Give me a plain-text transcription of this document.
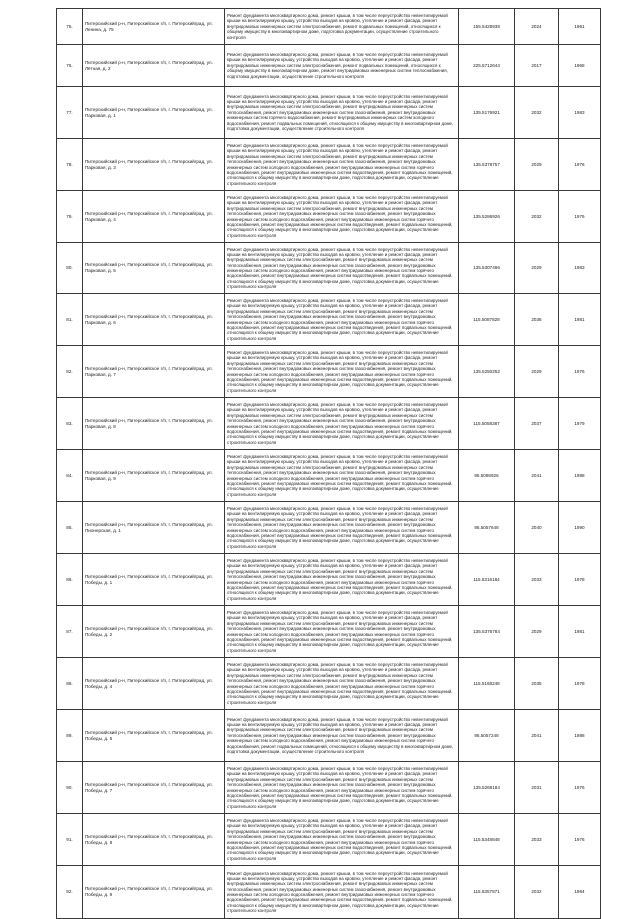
75.	Питерскийский р-н, Питерскийское г/п, г. Питерскийград, ул. Ленина, д. 75	Ремонт фундамента многоквартирного дома, ремонт крыши, в том числе переустройство невентилируемой крыши на вентилируемую крышу, устройство выходов на кровлю, утепление и ремонт фасада, ремонт внутридомовых инженерных систем электроснабжения, ремонт подвальных помещений, относящихся к общему имуществу в многоквартирном доме, подготовка документации, осуществление строительного контроля	155.5428938	2024	1961
76.	Питерскийский р-н, Питерскийское г/п, г. Питерскийград, ул. Лётная, д. 2	Ремонт фундамента многоквартирного дома, ремонт крыши, в том числе переустройство невентилируемой крыши на вентилируемую крышу, устройство выходов на кровлю, утепление и ремонт фасада, ремонт внутридомовых инженерных систем электроснабжения, ремонт подвальных помещений, относящихся к общему имуществу в многоквартирном доме, ремонт внутридомовых инженерных систем теплоснабжения, подготовка документации, осуществление строительного контроля	225.5712644	2017	1968
77.	Питерскийский р-н, Питерскийское г/п, г. Питерскийград, ул. Парковая, д. 1	Ремонт фундамента многоквартирного дома, ремонт крыши, в том числе переустройство невентилируемой крыши на вентилируемую крышу, устройство выходов на кровлю, утепление и ремонт фасада, ремонт внутридомовых инженерных систем электроснабжения, ремонт внутридомовых инженерных систем теплоснабжения, ремонт внутридомовых инженерных систем газоснабжения, ремонт внутридомовых инженерных систем горячего водоснабжения, ремонт внутридомовых инженерных систем холодного водоснабжения, ремонт подвальных помещений, относящихся к общему имуществу в многоквартирном доме, подготовка документации, осуществление строительного контроля	135.5176921	2032	1983
78.	Питерскийский р-н, Питерскийское г/п, г. Питерскийград, ул. Парковая, д. 3	Ремонт фундамента многоквартирного дома, ремонт крыши, в том числе переустройство невентилируемой крыши на вентилируемую крышу, устройство выходов на кровлю, утепление и ремонт фасада, ремонт внутридомовых инженерных систем электроснабжения, ремонт внутридомовых инженерных систем теплоснабжения, ремонт внутридомовых инженерных систем газоснабжения, ремонт внутридомовых инженерных систем холодного водоснабжения, ремонт внутридомовых инженерных систем горячего водоснабжения, ремонт внутридомовых инженерных систем водоотведения, ремонт подвальных помещений, относящихся к общему имуществу в многоквартирном доме, подготовка документации, осуществление строительного контроля	135.5378757	2029	1976
79.	Питерскийский р-н, Питерскийское г/п, г. Питерскийград, ул. Парковая, д. 4	Ремонт фундамента многоквартирного дома, ремонт крыши, в том числе переустройство невентилируемой крыши на вентилируемую крышу, устройство выходов на кровлю, утепление и ремонт фасада, ремонт внутридомовых инженерных систем электроснабжения, ремонт внутридомовых инженерных систем теплоснабжения, ремонт внутридомовых инженерных систем газоснабжения, ремонт внутридомовых инженерных систем холодного водоснабжения, ремонт внутридомовых инженерных систем горячего водоснабжения, ремонт внутридомовых инженерных систем водоотведения, ремонт подвальных помещений, относящихся к общему имуществу в многоквартирном доме, подготовка документации, осуществление строительного контроля	135.5286926	2032	1976
80.	Питерскийский р-н, Питерскийское г/п, г. Питерскийград, ул. Парковая, д. 5	Ремонт фундамента многоквартирного дома, ремонт крыши, в том числе переустройство невентилируемой крыши на вентилируемую крышу, устройство выходов на кровлю, утепление и ремонт фасада, ремонт внутридомовых инженерных систем электроснабжения, ремонт внутридомовых инженерных систем теплоснабжения, ремонт внутридомовых инженерных систем газоснабжения, ремонт внутридомовых инженерных систем холодного водоснабжения, ремонт внутридомовых инженерных систем горячего водоснабжения, ремонт внутридомовых инженерных систем водоотведения, ремонт подвальных помещений, относящихся к общему имуществу в многоквартирном доме, подготовка документации, осуществление строительного контроля	135.5307466	2029	1983
81.	Питерскийский р-н, Питерскийское г/п, г. Питерскийград, ул. Парковая, д. 6	Ремонт фундамента многоквартирного дома, ремонт крыши, в том числе переустройство невентилируемой крыши на вентилируемую крышу, устройство выходов на кровлю, утепление и ремонт фасада, ремонт внутридомовых инженерных систем электроснабжения, ремонт внутридомовых инженерных систем теплоснабжения, ремонт внутридомовых инженерных систем газоснабжения, ремонт внутридомовых инженерных систем холодного водоснабжения, ремонт внутридомовых инженерных систем горячего водоснабжения, ремонт внутридомовых инженерных систем водоотведения, ремонт подвальных помещений, относящихся к общему имуществу в многоквартирном доме, подготовка документации, осуществление строительного контроля	115.5087828	2036	1981
82.	Питерскийский р-н, Питерскийское г/п, г. Питерскийград, ул. Парковая, д. 7	Ремонт фундамента многоквартирного дома, ремонт крыши, в том числе переустройство невентилируемой крыши на вентилируемую крышу, устройство выходов на кровлю, утепление и ремонт фасада, ремонт внутридомовых инженерных систем электроснабжения, ремонт внутридомовых инженерных систем теплоснабжения, ремонт внутридомовых инженерных систем газоснабжения, ремонт внутридомовых инженерных систем холодного водоснабжения, ремонт внутридомовых инженерных систем горячего водоснабжения, ремонт внутридомовых инженерных систем водоотведения, ремонт подвальных помещений, относящихся к общему имуществу в многоквартирном доме, подготовка документации, осуществление строительного контроля	135.5250252	2029	1976
83.	Питерскийский р-н, Питерскийское г/п, г. Питерскийград, ул. Парковая, д. 8	Ремонт фундамента многоквартирного дома, ремонт крыши, в том числе переустройство невентилируемой крыши на вентилируемую крышу, устройство выходов на кровлю, утепление и ремонт фасада, ремонт внутридомовых инженерных систем электроснабжения, ремонт внутридомовых инженерных систем теплоснабжения, ремонт внутридомовых инженерных систем газоснабжения, ремонт внутридомовых инженерных систем холодного водоснабжения, ремонт внутридомовых инженерных систем горячего водоснабжения, ремонт внутридомовых инженерных систем водоотведения, ремонт подвальных помещений, относящихся к общему имуществу в многоквартирном доме, подготовка документации, осуществление строительного контроля	115.5058387	2037	1979
84.	Питерскийский р-н, Питерскийское г/п, г. Питерскийград, ул. Парковая, д. 9	Ремонт фундамента многоквартирного дома, ремонт крыши, в том числе переустройство невентилируемой крыши на вентилируемую крышу, устройство выходов на кровлю, утепление и ремонт фасада, ремонт внутридомовых инженерных систем электроснабжения, ремонт внутридомовых инженерных систем теплоснабжения, ремонт внутридомовых инженерных систем газоснабжения, ремонт внутридомовых инженерных систем холодного водоснабжения, ремонт внутридомовых инженерных систем горячего водоснабжения, ремонт внутридомовых инженерных систем водоотведения, ремонт подвальных помещений, относящихся к общему имуществу в многоквартирном доме, подготовка документации, осуществление строительного контроля	95.5086926	2041	1988
85.	Питерскийский р-н, Питерскийское г/п, г. Питерскийград, ул. Пионерская, д. 1	Ремонт фундамента многоквартирного дома, ремонт крыши, в том числе переустройство невентилируемой крыши на вентилируемую крышу, устройство выходов на кровлю, утепление и ремонт фасада, ремонт внутридомовых инженерных систем электроснабжения, ремонт внутридомовых инженерных систем теплоснабжения, ремонт внутридомовых инженерных систем газоснабжения, ремонт внутридомовых инженерных систем холодного водоснабжения, ремонт внутридомовых инженерных систем горячего водоснабжения, ремонт внутридомовых инженерных систем водоотведения, ремонт подвальных помещений, относящихся к общему имуществу в многоквартирном доме, подготовка документации, осуществление строительного контроля	95.5057648	2040	1990
86.	Питерскийский р-н, Питерскийское г/п, г. Питерскийград, ул. Победы, д. 1	Ремонт фундамента многоквартирного дома, ремонт крыши, в том числе переустройство невентилируемой крыши на вентилируемую крышу, устройство выходов на кровлю, утепление и ремонт фасада, ремонт внутридомовых инженерных систем электроснабжения, ремонт внутридомовых инженерных систем теплоснабжения, ремонт внутридомовых инженерных систем газоснабжения, ремонт внутридомовых инженерных систем холодного водоснабжения, ремонт внутридомовых инженерных систем горячего водоснабжения, ремонт внутридомовых инженерных систем водоотведения, ремонт подвальных помещений, относящихся к общему имуществу в многоквартирном доме, подготовка документации, осуществление строительного контроля	115.5316184	2033	1978
87.	Питерскийский р-н, Питерскийское г/п, г. Питерскийград, ул. Победы, д. 2	Ремонт фундамента многоквартирного дома, ремонт крыши, в том числе переустройство невентилируемой крыши на вентилируемую крышу, устройство выходов на кровлю, утепление и ремонт фасада, ремонт внутридомовых инженерных систем электроснабжения, ремонт внутридомовых инженерных систем теплоснабжения, ремонт внутридомовых инженерных систем газоснабжения, ремонт внутридомовых инженерных систем холодного водоснабжения, ремонт внутридомовых инженерных систем горячего водоснабжения, ремонт внутридомовых инженерных систем водоотведения, ремонт подвальных помещений, относящихся к общему имуществу в многоквартирном доме, подготовка документации, осуществление строительного контроля	135.5376784	2029	1981
88.	Питерскийский р-н, Питерскийское г/п, г. Питерскийград, ул. Победы, д. 4	Ремонт фундамента многоквартирного дома, ремонт крыши, в том числе переустройство невентилируемой крыши на вентилируемую крышу, устройство выходов на кровлю, утепление и ремонт фасада, ремонт внутридомовых инженерных систем электроснабжения, ремонт внутридомовых инженерных систем теплоснабжения, ремонт внутридомовых инженерных систем газоснабжения, ремонт внутридомовых инженерных систем холодного водоснабжения, ремонт внутридомовых инженерных систем горячего водоснабжения, ремонт внутридомовых инженерных систем водоотведения, ремонт подвальных помещений, относящихся к общему имуществу в многоквартирном доме, подготовка документации, осуществление строительного контроля	115.5168248	2035	1978
89.	Питерскийский р-н, Питерскийское г/п, г. Питерскийград, ул. Победы, д. 5	Ремонт фундамента многоквартирного дома, ремонт крыши, в том числе переустройство невентилируемой крыши на вентилируемую крышу, устройство выходов на кровлю, утепление и ремонт фасада, ремонт внутридомовых инженерных систем электроснабжения, ремонт внутридомовых инженерных систем теплоснабжения, ремонт внутридомовых инженерных систем газоснабжения, ремонт внутридомовых инженерных систем холодного водоснабжения, ремонт внутридомовых инженерных систем горячего водоснабжения, ремонт подвальных помещений, относящихся к общему имуществу в многоквартирном доме, подготовка документации, осуществление строительного контроля	95.5057248	2041	1988
90.	Питерскийский р-н, Питерскийское г/п, г. Питерскийград, ул. Победы, д. 7	Ремонт фундамента многоквартирного дома, ремонт крыши, в том числе переустройство невентилируемой крыши на вентилируемую крышу, устройство выходов на кровлю, утепление и ремонт фасада, ремонт внутридомовых инженерных систем электроснабжения, ремонт внутридомовых инженерных систем теплоснабжения, ремонт внутридомовых инженерных систем газоснабжения, ремонт внутридомовых инженерных систем холодного водоснабжения, ремонт внутридомовых инженерных систем горячего водоснабжения, ремонт внутридомовых инженерных систем водоотведения, ремонт подвальных помещений, относящихся к общему имуществу в многоквартирном доме, подготовка документации, осуществление строительного контроля	135.5268184	2031	1976
91.	Питерскийский р-н, Питерскийское г/п, г. Питерскийград, ул. Победы, д. 8	Ремонт фундамента многоквартирного дома, ремонт крыши, в том числе переустройство невентилируемой крыши на вентилируемую крышу, устройство выходов на кровлю, утепление и ремонт фасада, ремонт внутридомовых инженерных систем электроснабжения, ремонт внутридомовых инженерных систем теплоснабжения, ремонт внутридомовых инженерных систем газоснабжения, ремонт внутридомовых инженерных систем холодного водоснабжения, ремонт внутридомовых инженерных систем горячего водоснабжения, ремонт внутридомовых инженерных систем водоотведения, ремонт подвальных помещений, относящихся к общему имуществу в многоквартирном доме, подготовка документации, осуществление строительного контроля	115.5348848	2033	1976
92.	Питерскийский р-н, Питерскийское г/п, г. Питерскийград, ул. Победы, д. 9	Ремонт фундамента многоквартирного дома, ремонт крыши, в том числе переустройство невентилируемой крыши на вентилируемую крышу, устройство выходов на кровлю, утепление и ремонт фасада, ремонт внутридомовых инженерных систем электроснабжения, ремонт внутридомовых инженерных систем теплоснабжения, ремонт внутридомовых инженерных систем газоснабжения, ремонт внутридомовых инженерных систем холодного водоснабжения, ремонт внутридомовых инженерных систем горячего водоснабжения, ремонт внутридомовых инженерных систем водоотведения, ремонт подвальных помещений, относящихся к общему имуществу в многоквартирном доме, подготовка документации, осуществление строительного контроля	115.5357871	2032	1984
